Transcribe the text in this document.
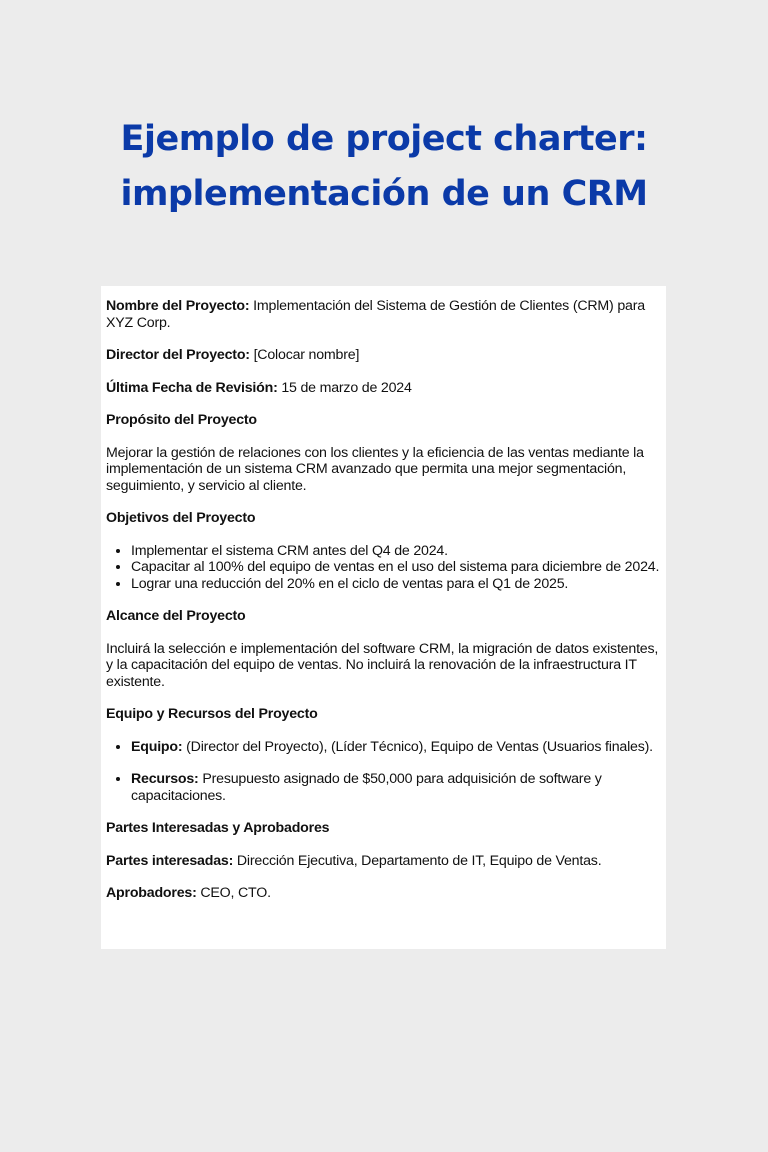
Ejemplo de project charter:
implementación de un CRM

Nombre del Proyecto: Implementación del Sistema de Gestión de Clientes (CRM) para XYZ Corp.

Director del Proyecto: [Colocar nombre]

Última Fecha de Revisión: 15 de marzo de 2024

Propósito del Proyecto

Mejorar la gestión de relaciones con los clientes y la eficiencia de las ventas mediante la implementación de un sistema CRM avanzado que permita una mejor segmentación, seguimiento, y servicio al cliente.

Objetivos del Proyecto
• Implementar el sistema CRM antes del Q4 de 2024.
• Capacitar al 100% del equipo de ventas en el uso del sistema para diciembre de 2024.
• Lograr una reducción del 20% en el ciclo de ventas para el Q1 de 2025.
Alcance del Proyecto

Incluirá la selección e implementación del software CRM, la migración de datos existentes, y la capacitación del equipo de ventas. No incluirá la renovación de la infraestructura IT existente.

Equipo y Recursos del Proyecto
• Equipo: (Director del Proyecto), (Líder Técnico), Equipo de Ventas (Usuarios finales).
• Recursos: Presupuesto asignado de $50,000 para adquisición de software y capacitaciones.
Partes Interesadas y Aprobadores

Partes interesadas: Dirección Ejecutiva, Departamento de IT, Equipo de Ventas.

Aprobadores: CEO, CTO.
